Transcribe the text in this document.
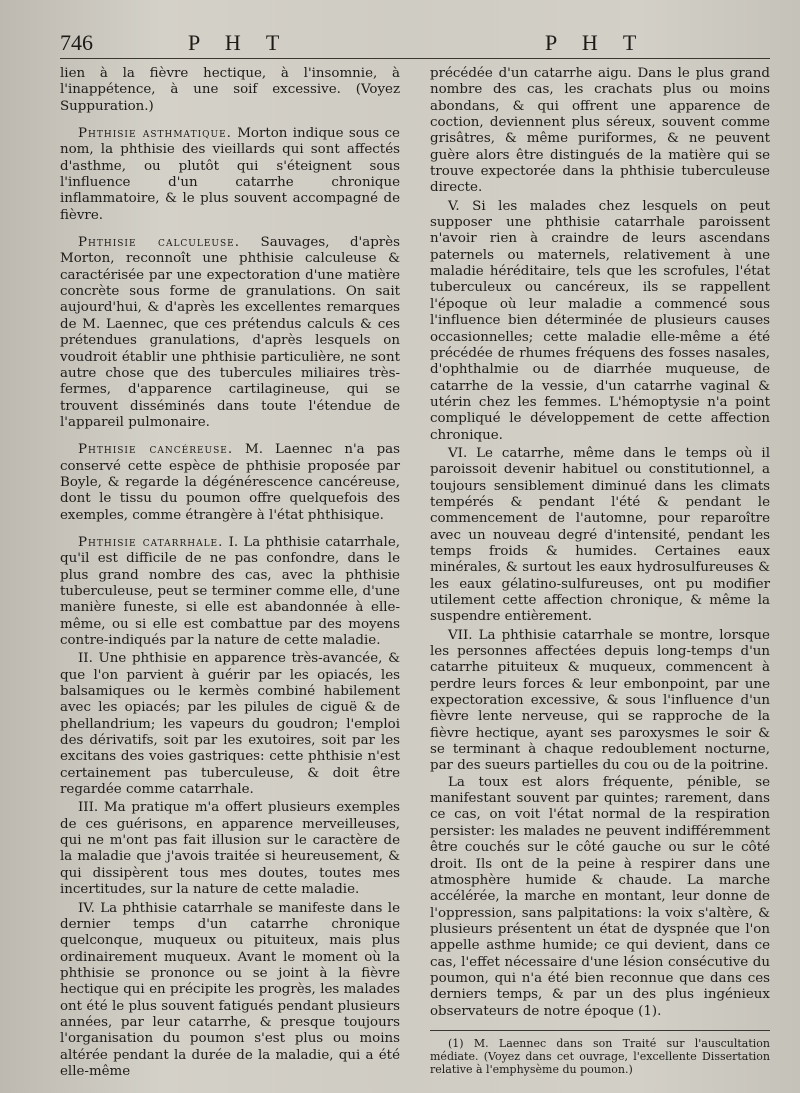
746	P H T	P H T

lien à la fièvre hectique, à l'insomnie, à l'inappétence, à une soif excessive. (Voyez Suppuration.)

Phthisie asthmatique. Morton indique sous ce nom, la phthisie des vieillards qui sont affectés d'asthme, ou plutôt qui s'éteignent sous l'influence d'un catarrhe chronique inflammatoire, & le plus souvent accompagné de fièvre.

Phthisie calculeuse. Sauvages, d'après Morton, reconnoît une phthisie calculeuse & caractérisée par une expectoration d'une matière concrète sous forme de granulations. On sait aujourd'hui, & d'après les excellentes remarques de M. Laennec, que ces prétendus calculs & ces prétendues granulations, d'après lesquels on voudroit établir une phthisie particulière, ne sont autre chose que des tubercules miliaires très-fermes, d'apparence cartilagineuse, qui se trouvent disséminés dans toute l'étendue de l'appareil pulmonaire.

Phthisie cancéreuse. M. Laennec n'a pas conservé cette espèce de phthisie proposée par Boyle, & regarde la dégénérescence cancéreuse, dont le tissu du poumon offre quelquefois des exemples, comme étrangère à l'état phthisique.

Phthisie catarrhale. I. La phthisie catarrhale, qu'il est difficile de ne pas confondre, dans le plus grand nombre des cas, avec la phthisie tuberculeuse, peut se terminer comme elle, d'une manière funeste, si elle est abandonnée à elle-même, ou si elle est combattue par des moyens contre-indiqués par la nature de cette maladie.

II. Une phthisie en apparence très-avancée, & que l'on parvient à guérir par les opiacés, les balsamiques ou le kermès combiné habilement avec les opiacés; par les pilules de ciguë & de phellandrium; les vapeurs du goudron; l'emploi des dérivatifs, soit par les exutoires, soit par les excitans des voies gastriques: cette phthisie n'est certainement pas tuberculeuse, & doit être regardée comme catarrhale.

III. Ma pratique m'a offert plusieurs exemples de ces guérisons, en apparence merveilleuses, qui ne m'ont pas fait illusion sur le caractère de la maladie que j'avois traitée si heureusement, & qui dissipèrent tous mes doutes, toutes mes incertitudes, sur la nature de cette maladie.

IV. La phthisie catarrhale se manifeste dans le dernier temps d'un catarrhe chronique quelconque, muqueux ou pituiteux, mais plus ordinairement muqueux. Avant le moment où la phthisie se prononce ou se joint à la fièvre hectique qui en précipite les progrès, les malades ont été le plus souvent fatigués pendant plusieurs années, par leur catarrhe, & presque toujours l'organisation du poumon s'est plus ou moins altérée pendant la durée de la maladie, qui a été elle-même

précédée d'un catarrhe aigu. Dans le plus grand nombre des cas, les crachats plus ou moins abondans, & qui offrent une apparence de coction, deviennent plus séreux, souvent comme grisâtres, & même puriformes, & ne peuvent guère alors être distingués de la matière qui se trouve expectorée dans la phthisie tuberculeuse directe.

V. Si les malades chez lesquels on peut supposer une phthisie catarrhale paroissent n'avoir rien à craindre de leurs ascendans paternels ou maternels, relativement à une maladie héréditaire, tels que les scrofules, l'état tuberculeux ou cancéreux, ils se rappellent l'époque où leur maladie a commencé sous l'influence bien déterminée de plusieurs causes occasionnelles; cette maladie elle-même a été précédée de rhumes fréquens des fosses nasales, d'ophthalmie ou de diarrhée muqueuse, de catarrhe de la vessie, d'un catarrhe vaginal & utérin chez les femmes. L'hémoptysie n'a point compliqué le développement de cette affection chronique.

VI. Le catarrhe, même dans le temps où il paroissoit devenir habituel ou constitutionnel, a toujours sensiblement diminué dans les climats tempérés & pendant l'été & pendant le commencement de l'automne, pour reparoître avec un nouveau degré d'intensité, pendant les temps froids & humides. Certaines eaux minérales, & surtout les eaux hydrosulfureuses & les eaux gélatino-sulfureuses, ont pu modifier utilement cette affection chronique, & même la suspendre entièrement.

VII. La phthisie catarrhale se montre, lorsque les personnes affectées depuis long-temps d'un catarrhe pituiteux & muqueux, commencent à perdre leurs forces & leur embonpoint, par une expectoration excessive, & sous l'influence d'un fièvre lente nerveuse, qui se rapproche de la fièvre hectique, ayant ses paroxysmes le soir & se terminant à chaque redoublement nocturne, par des sueurs partielles du cou ou de la poitrine.

La toux est alors fréquente, pénible, se manifestant souvent par quintes; rarement, dans ce cas, on voit l'état normal de la respiration persister: les malades ne peuvent indifféremment être couchés sur le côté gauche ou sur le côté droit. Ils ont de la peine à respirer dans une atmosphère humide & chaude. La marche accélérée, la marche en montant, leur donne de l'oppression, sans palpitations: la voix s'altère, & plusieurs présentent un état de dyspnée que l'on appelle asthme humide; ce qui devient, dans ce cas, l'effet nécessaire d'une lésion consécutive du poumon, qui n'a été bien reconnue que dans ces derniers temps, & par un des plus ingénieux observateurs de notre époque (1).

(1) M. Laennec dans son Traité sur l'auscultation médiate. (Voyez dans cet ouvrage, l'excellente Dissertation relative à l'emphysème du poumon.)
